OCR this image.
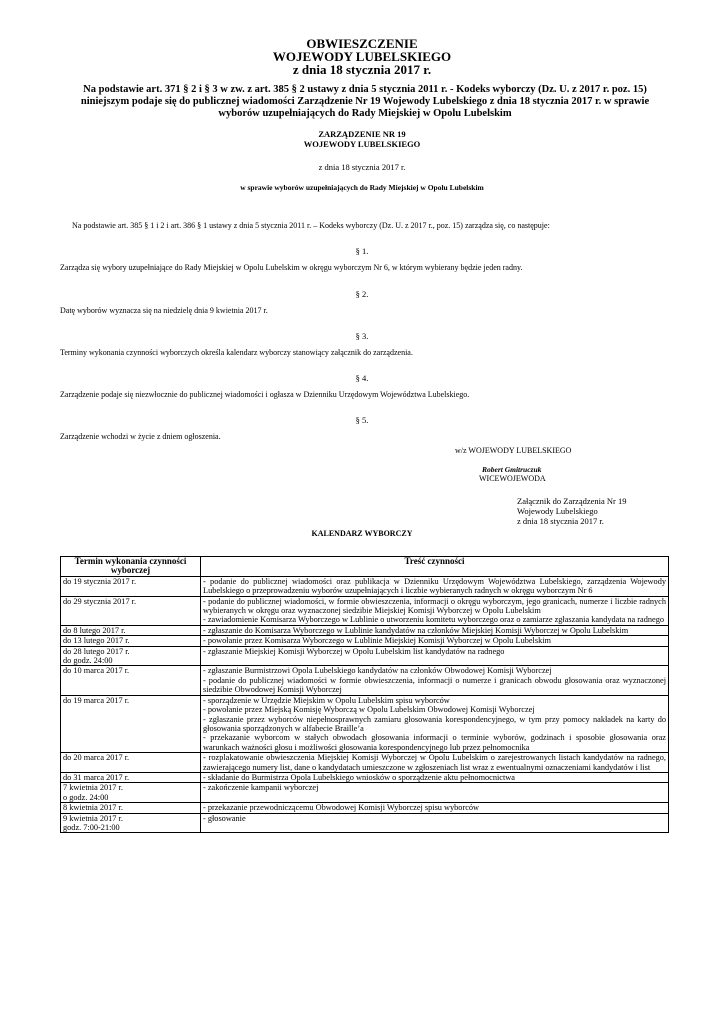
OBWIESZCZENIE
WOJEWODY LUBELSKIEGO
z dnia 18 stycznia 2017 r.
Na podstawie art. 371 § 2 i § 3 w zw. z art. 385 § 2 ustawy z dnia 5 stycznia 2011 r. - Kodeks wyborczy (Dz. U. z 2017 r. poz. 15)
niniejszym podaje się do publicznej wiadomości Zarządzenie Nr 19 Wojewody Lubelskiego z dnia 18 stycznia 2017 r. w sprawie
wyborów uzupełniających do Rady Miejskiej w Opolu Lubelskim
ZARZĄDZENIE NR 19
WOJEWODY LUBELSKIEGO
z dnia 18 stycznia 2017 r.
w sprawie wyborów uzupełniających do Rady Miejskiej w Opolu Lubelskim
Na podstawie art. 385 § 1 i 2 i art. 386 § 1 ustawy z dnia 5 stycznia 2011 r. – Kodeks wyborczy (Dz. U. z 2017 r., poz. 15) zarządza się, co następuje:
§ 1.
Zarządza się wybory uzupełniające do Rady Miejskiej w Opolu Lubelskim w okręgu wyborczym Nr 6, w którym wybierany będzie jeden radny.
§ 2.
Datę wyborów wyznacza się na niedzielę dnia 9 kwietnia 2017 r.
§ 3.
Terminy wykonania czynności wyborczych określa kalendarz wyborczy stanowiący załącznik do zarządzenia.
§ 4.
Zarządzenie podaje się niezwłocznie do publicznej wiadomości i ogłasza w Dzienniku Urzędowym Województwa Lubelskiego.
§ 5.
Zarządzenie wchodzi w życie z dniem ogłoszenia.
w/z WOJEWODY LUBELSKIEGO
Robert Gmitruczuk
WICEWOJEWODA
Załącznik do Zarządzenia Nr 19
Wojewody Lubelskiego
z dnia 18 stycznia 2017 r.
KALENDARZ WYBORCZY
Termin wykonania czynności wyborczej	Treść czynności
do 19 stycznia 2017 r.	- podanie do publicznej wiadomości oraz publikacja w Dzienniku Urzędowym Województwa Lubelskiego, zarządzenia Wojewody Lubelskiego o przeprowadzeniu wyborów uzupełniających i liczbie wybieranych radnych w okręgu wyborczym Nr 6
do 29 stycznia 2017 r.	- podanie do publicznej wiadomości, w formie obwieszczenia, informacji o okręgu wyborczym, jego granicach, numerze i liczbie radnych wybieranych w okręgu oraz wyznaczonej siedzibie Miejskiej Komisji Wyborczej w Opolu Lubelskim
- zawiadomienie Komisarza Wyborczego w Lublinie o utworzeniu komitetu wyborczego oraz o zamiarze zgłaszania kandydata na radnego
do 8 lutego 2017 r.	- zgłaszanie do Komisarza Wyborczego w Lublinie kandydatów na członków Miejskiej Komisji Wyborczej w Opolu Lubelskim
do 13 lutego 2017 r.	- powołanie przez Komisarza Wyborczego w Lublinie Miejskiej Komisji Wyborczej w Opolu Lubelskim
do 28 lutego 2017 r.
do godz. 24:00	- zgłaszanie Miejskiej Komisji Wyborczej w Opolu Lubelskim list kandydatów na radnego
do 10 marca 2017 r.	- zgłaszanie Burmistrzowi Opola Lubelskiego kandydatów na członków Obwodowej Komisji Wyborczej
- podanie do publicznej wiadomości w formie obwieszczenia, informacji o numerze i granicach obwodu głosowania oraz wyznaczonej siedzibie Obwodowej Komisji Wyborczej
do 19 marca 2017 r.	- sporządzenie w Urzędzie Miejskim w Opolu Lubelskim spisu wyborców
- powołanie przez Miejską Komisję Wyborczą w Opolu Lubelskim Obwodowej Komisji Wyborczej
- zgłaszanie przez wyborców niepełnosprawnych zamiaru głosowania korespondencyjnego, w tym przy pomocy nakładek na karty do głosowania sporządzonych w alfabecie Braille’a
- przekazanie wyborcom w stałych obwodach głosowania informacji o terminie wyborów, godzinach i sposobie głosowania oraz warunkach ważności głosu i możliwości głosowania korespondencyjnego lub przez pełnomocnika
do 20 marca 2017 r.	- rozplakatowanie obwieszczenia Miejskiej Komisji Wyborczej w Opolu Lubelskim o zarejestrowanych listach kandydatów na radnego, zawierającego numery list, dane o kandydatach umieszczone w zgłoszeniach list wraz z ewentualnymi oznaczeniami kandydatów i list
do 31 marca 2017 r.	- składanie do Burmistrza Opola Lubelskiego wniosków o sporządzenie aktu pełnomocnictwa
7 kwietnia 2017 r.
o godz. 24:00	- zakończenie kampanii wyborczej
8 kwietnia 2017 r.	- przekazanie przewodniczącemu Obwodowej Komisji Wyborczej spisu wyborców
9 kwietnia 2017 r.
godz. 7:00-21:00	- głosowanie
